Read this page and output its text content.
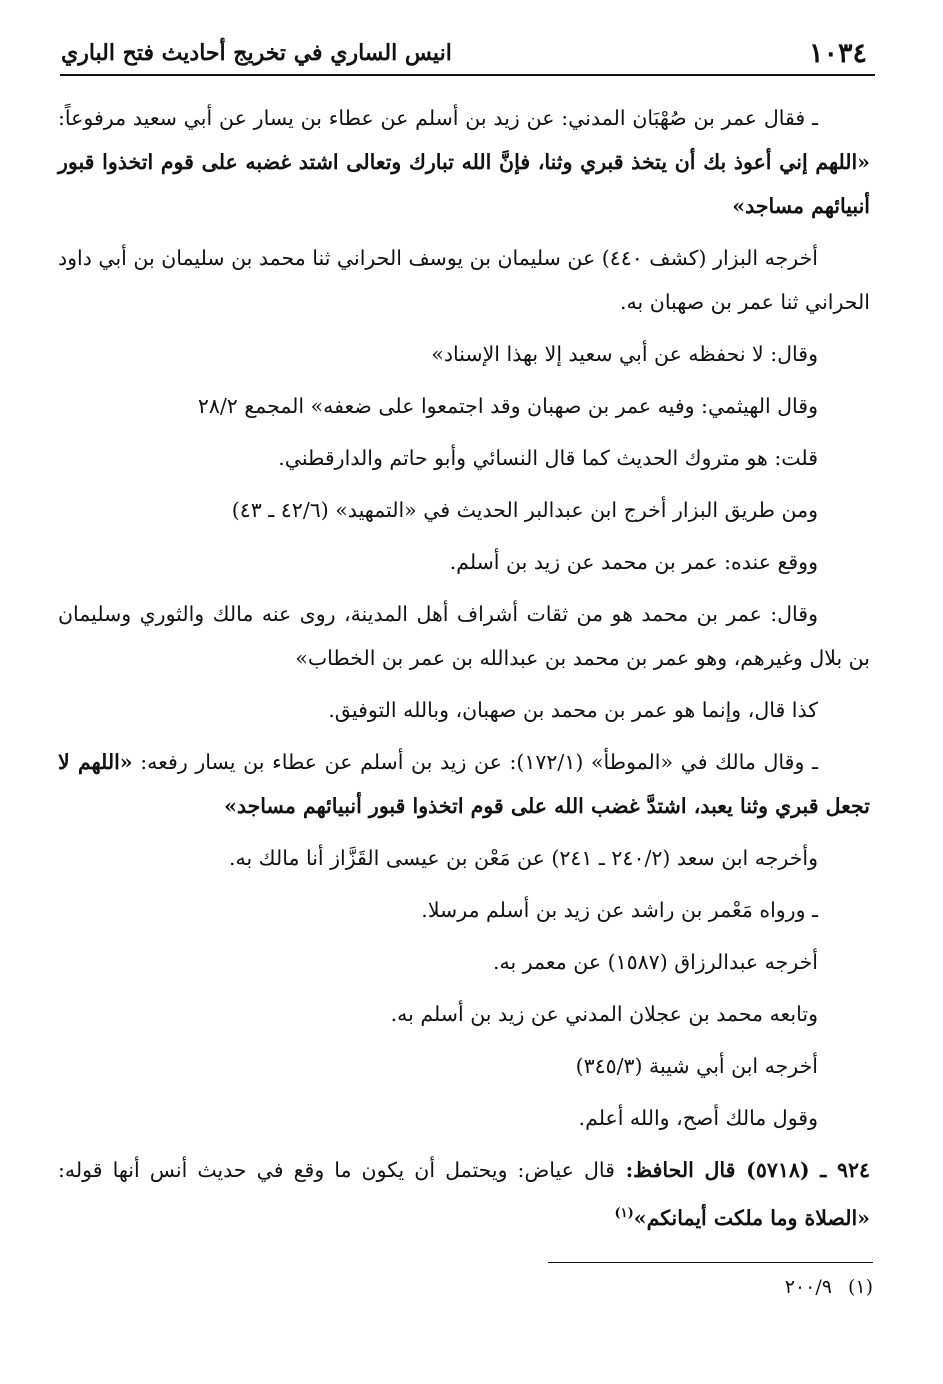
١٠٣٤
انيس الساري في تخريج أحاديث فتح الباري

ـ فقال عمر بن صُهْبَان المدني: عن زيد بن أسلم عن عطاء بن يسار عن أبي سعيد مرفوعاً: «اللهم إني أعوذ بك أن يتخذ قبري وثنا، فإنَّ الله تبارك وتعالى اشتد غضبه على قوم اتخذوا قبور أنبيائهم مساجد»

أخرجه البزار (كشف ٤٤٠) عن سليمان بن يوسف الحراني ثنا محمد بن سليمان بن أبي داود الحراني ثنا عمر بن صهبان به.

وقال: لا نحفظه عن أبي سعيد إلا بهذا الإسناد»

وقال الهيثمي: وفيه عمر بن صهبان وقد اجتمعوا على ضعفه» المجمع ٢٨/٢

قلت: هو متروك الحديث كما قال النسائي وأبو حاتم والدارقطني.

ومن طريق البزار أخرج ابن عبدالبر الحديث في «التمهيد» (٤٢/٦ ـ ٤٣)

ووقع عنده: عمر بن محمد عن زيد بن أسلم.

وقال: عمر بن محمد هو من ثقات أشراف أهل المدينة، روى عنه مالك والثوري وسليمان بن بلال وغيرهم، وهو عمر بن محمد بن عبدالله بن عمر بن الخطاب»

كذا قال، وإنما هو عمر بن محمد بن صهبان، وبالله التوفيق.

ـ وقال مالك في «الموطأ» (١٧٢/١): عن زيد بن أسلم عن عطاء بن يسار رفعه: «اللهم لا تجعل قبري وثنا يعبد، اشتدَّ غضب الله على قوم اتخذوا قبور أنبيائهم مساجد»

وأخرجه ابن سعد (٢٤٠/٢ ـ ٢٤١) عن مَعْن بن عيسى القَزَّاز أنا مالك به.

ـ ورواه مَعْمر بن راشد عن زيد بن أسلم مرسلا.

أخرجه عبدالرزاق (١٥٨٧) عن معمر به.

وتابعه محمد بن عجلان المدني عن زيد بن أسلم به.

أخرجه ابن أبي شيبة (٣٤٥/٣)

وقول مالك أصح، والله أعلم.

٩٢٤ ـ (٥٧١٨) قال الحافظ: قال عياض: ويحتمل أن يكون ما وقع في حديث أنس أنها قوله: «الصلاة وما ملكت أيمانكم»$^{(١)}$

(١)٢٠٠/٩
